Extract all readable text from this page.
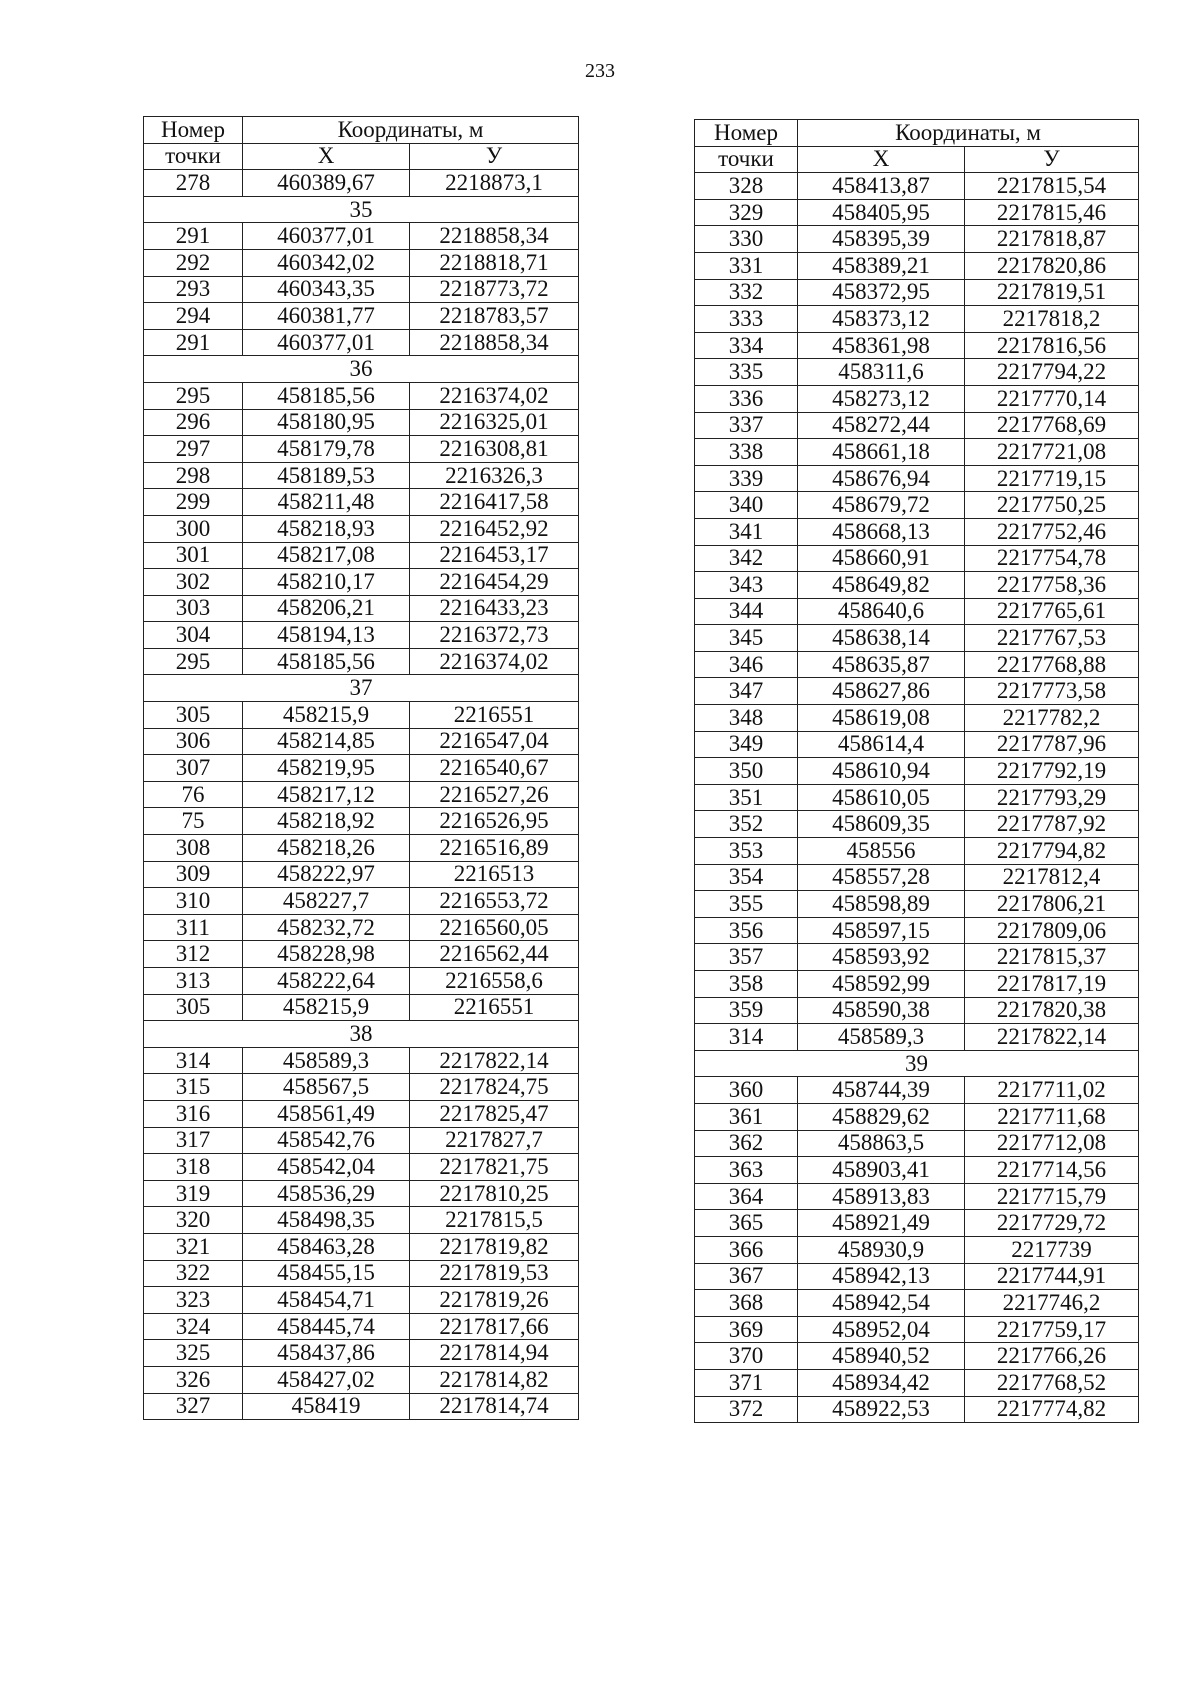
233
Номер	Координаты, м	
точки	Х	У
278	460389,67	2218873,1
35		
291	460377,01	2218858,34
292	460342,02	2218818,71
293	460343,35	2218773,72
294	460381,77	2218783,57
291	460377,01	2218858,34
36		
295	458185,56	2216374,02
296	458180,95	2216325,01
297	458179,78	2216308,81
298	458189,53	2216326,3
299	458211,48	2216417,58
300	458218,93	2216452,92
301	458217,08	2216453,17
302	458210,17	2216454,29
303	458206,21	2216433,23
304	458194,13	2216372,73
295	458185,56	2216374,02
37		
305	458215,9	2216551
306	458214,85	2216547,04
307	458219,95	2216540,67
76	458217,12	2216527,26
75	458218,92	2216526,95
308	458218,26	2216516,89
309	458222,97	2216513
310	458227,7	2216553,72
311	458232,72	2216560,05
312	458228,98	2216562,44
313	458222,64	2216558,6
305	458215,9	2216551
38		
314	458589,3	2217822,14
315	458567,5	2217824,75
316	458561,49	2217825,47
317	458542,76	2217827,7
318	458542,04	2217821,75
319	458536,29	2217810,25
320	458498,35	2217815,5
321	458463,28	2217819,82
322	458455,15	2217819,53
323	458454,71	2217819,26
324	458445,74	2217817,66
325	458437,86	2217814,94
326	458427,02	2217814,82
327	458419	2217814,74
Номер	Координаты, м	
точки	Х	У
328	458413,87	2217815,54
329	458405,95	2217815,46
330	458395,39	2217818,87
331	458389,21	2217820,86
332	458372,95	2217819,51
333	458373,12	2217818,2
334	458361,98	2217816,56
335	458311,6	2217794,22
336	458273,12	2217770,14
337	458272,44	2217768,69
338	458661,18	2217721,08
339	458676,94	2217719,15
340	458679,72	2217750,25
341	458668,13	2217752,46
342	458660,91	2217754,78
343	458649,82	2217758,36
344	458640,6	2217765,61
345	458638,14	2217767,53
346	458635,87	2217768,88
347	458627,86	2217773,58
348	458619,08	2217782,2
349	458614,4	2217787,96
350	458610,94	2217792,19
351	458610,05	2217793,29
352	458609,35	2217787,92
353	458556	2217794,82
354	458557,28	2217812,4
355	458598,89	2217806,21
356	458597,15	2217809,06
357	458593,92	2217815,37
358	458592,99	2217817,19
359	458590,38	2217820,38
314	458589,3	2217822,14
39		
360	458744,39	2217711,02
361	458829,62	2217711,68
362	458863,5	2217712,08
363	458903,41	2217714,56
364	458913,83	2217715,79
365	458921,49	2217729,72
366	458930,9	2217739
367	458942,13	2217744,91
368	458942,54	2217746,2
369	458952,04	2217759,17
370	458940,52	2217766,26
371	458934,42	2217768,52
372	458922,53	2217774,82
